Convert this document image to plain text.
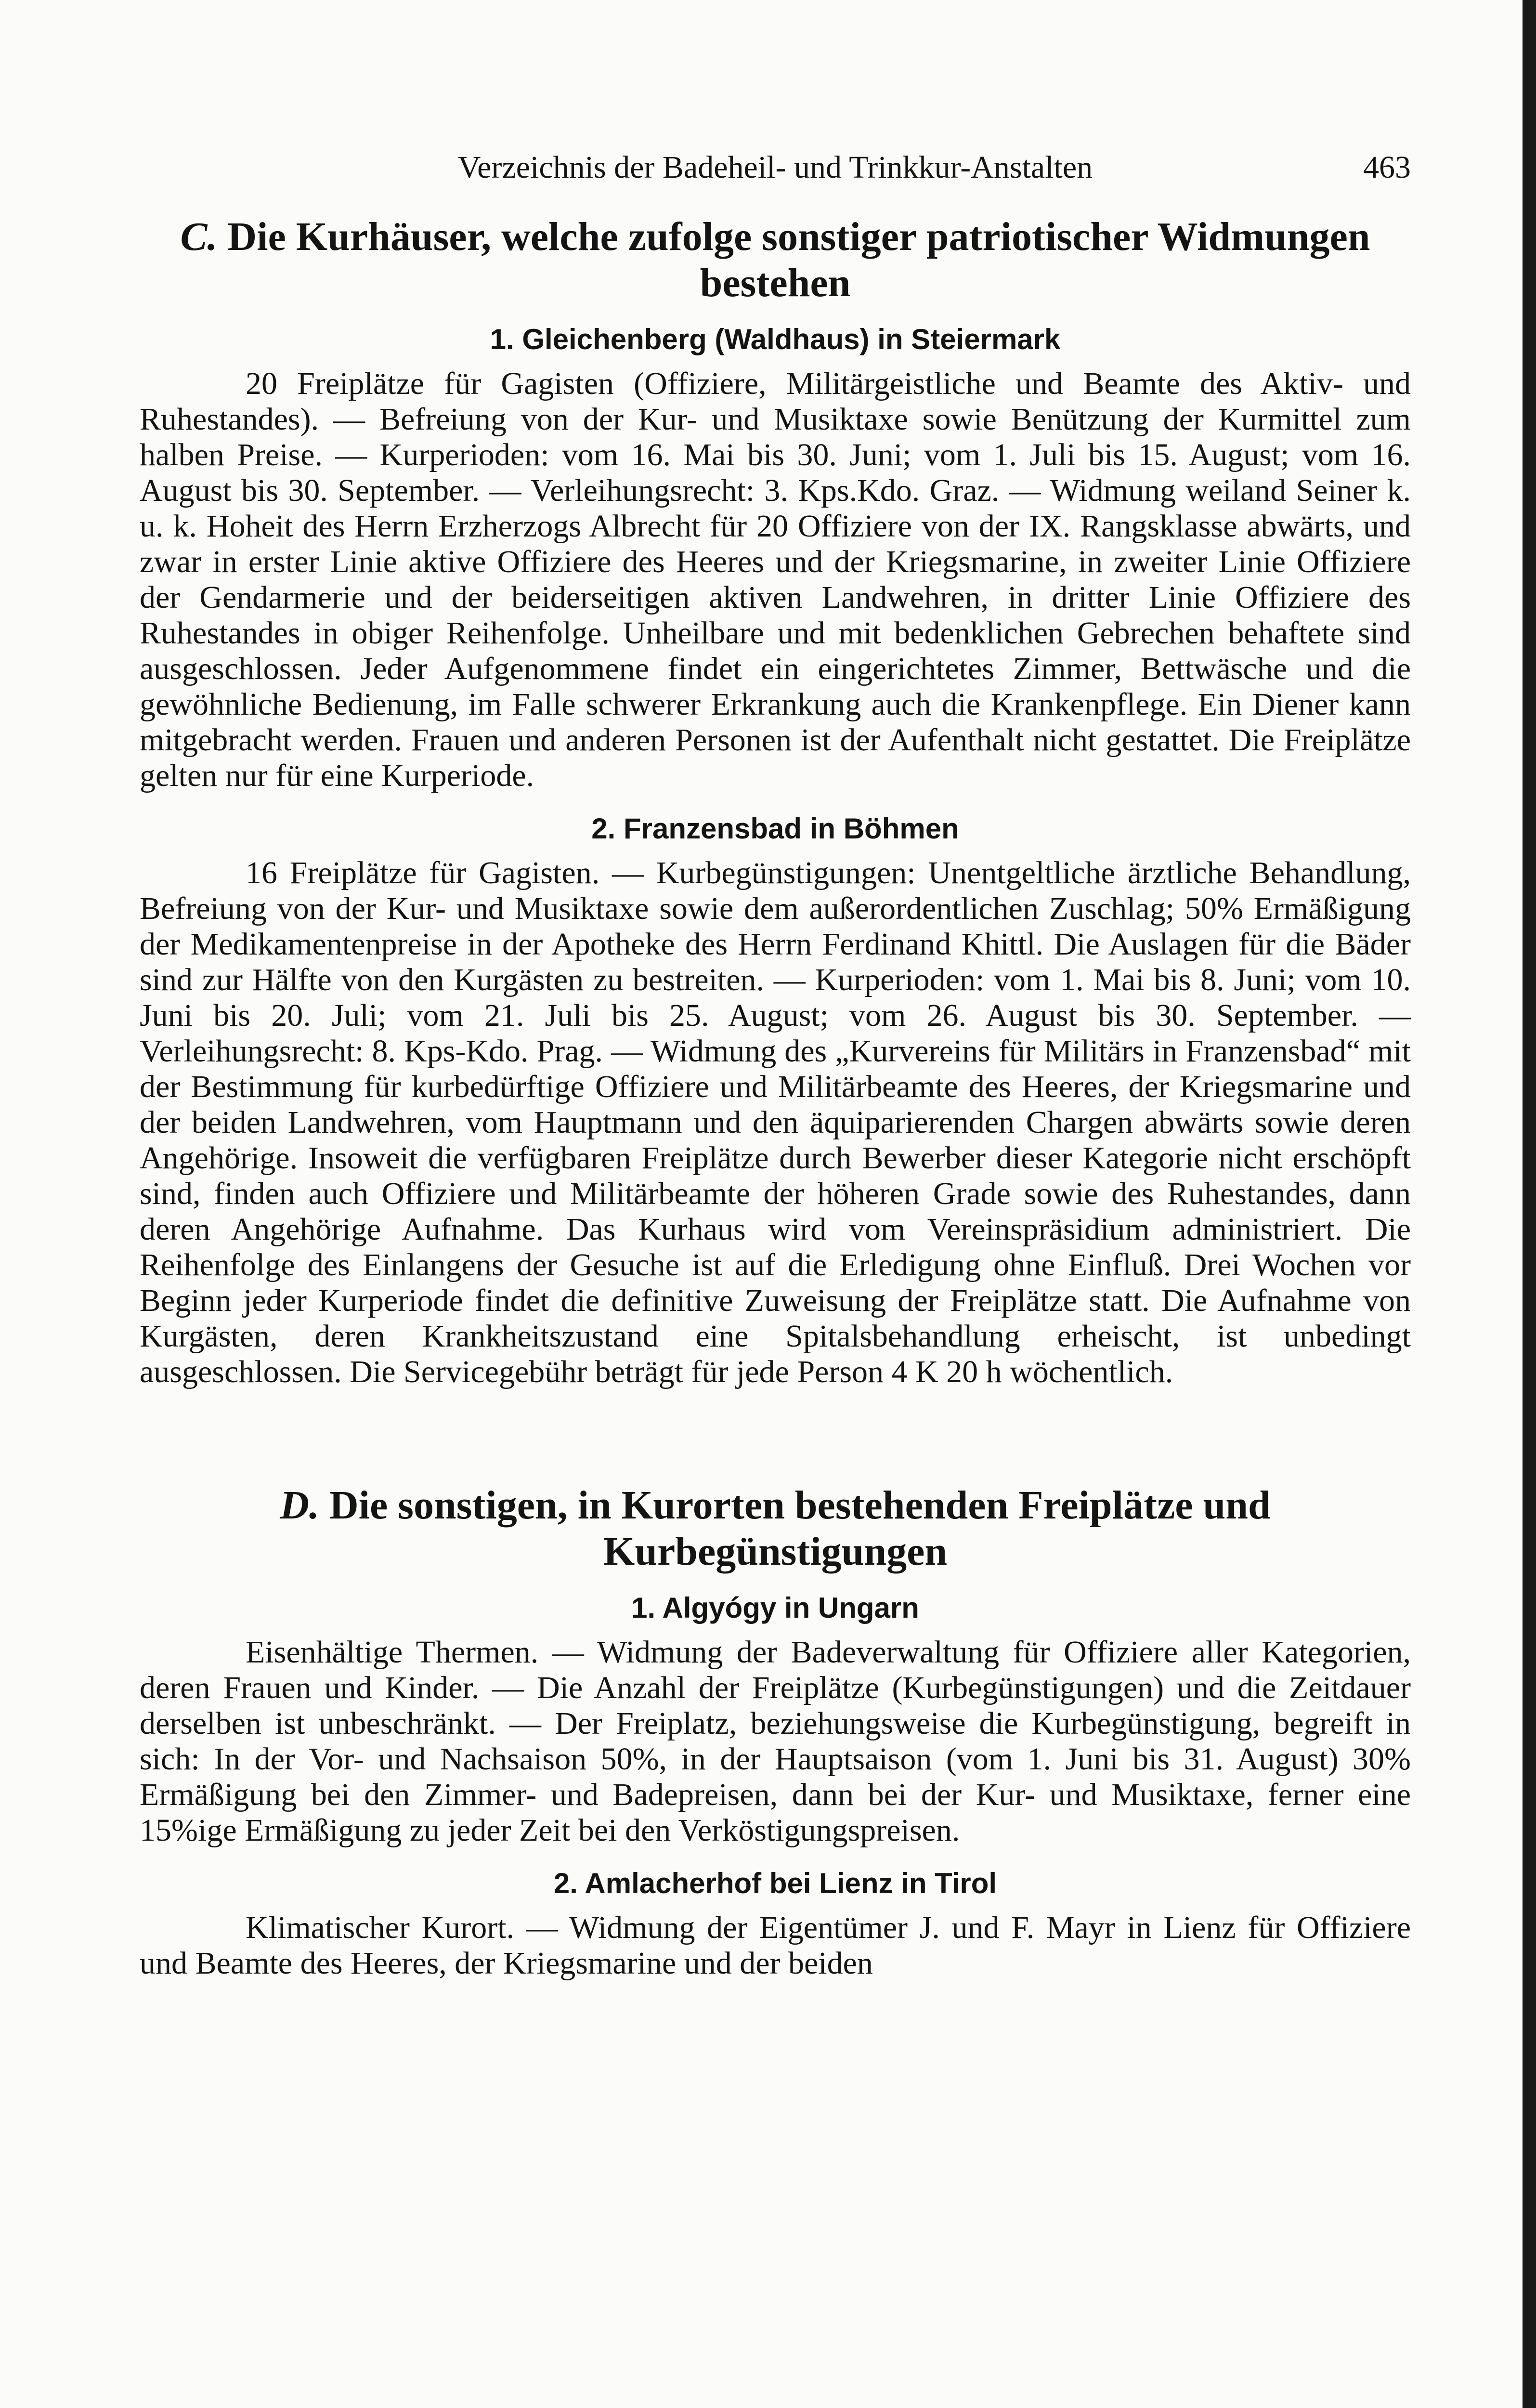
Verzeichnis der Badeheil- und Trinkkur-Anstalten	463
C. Die Kurhäuser, welche zufolge sonstiger patriotischer Widmungen bestehen
1. Gleichenberg (Waldhaus) in Steiermark

20 Freiplätze für Gagisten (Offiziere, Militärgeistliche und Beamte des Aktiv- und Ruhestandes). — Befreiung von der Kur- und Musiktaxe sowie Benützung der Kurmittel zum halben Preise. — Kurperioden: vom 16. Mai bis 30. Juni; vom 1. Juli bis 15. August; vom 16. August bis 30. September. — Verleihungsrecht: 3. Kps.Kdo. Graz. — Widmung weiland Seiner k. u. k. Hoheit des Herrn Erzherzogs Albrecht für 20 Offiziere von der IX. Rangsklasse abwärts, und zwar in erster Linie aktive Offiziere des Heeres und der Kriegsmarine, in zweiter Linie Offiziere der Gendarmerie und der beiderseitigen aktiven Landwehren, in dritter Linie Offiziere des Ruhestandes in obiger Reihenfolge. Unheilbare und mit bedenklichen Gebrechen behaftete sind ausgeschlossen. Jeder Aufgenommene findet ein eingerichtetes Zimmer, Bettwäsche und die gewöhnliche Bedienung, im Falle schwerer Erkrankung auch die Krankenpflege. Ein Diener kann mitgebracht werden. Frauen und anderen Personen ist der Aufenthalt nicht gestattet. Die Freiplätze gelten nur für eine Kurperiode.

2. Franzensbad in Böhmen

16 Freiplätze für Gagisten. — Kurbegünstigungen: Unentgeltliche ärztliche Behandlung, Befreiung von der Kur- und Musiktaxe sowie dem außerordentlichen Zuschlag; 50% Ermäßigung der Medikamentenpreise in der Apotheke des Herrn Ferdinand Khittl. Die Auslagen für die Bäder sind zur Hälfte von den Kurgästen zu bestreiten. — Kurperioden: vom 1. Mai bis 8. Juni; vom 10. Juni bis 20. Juli; vom 21. Juli bis 25. August; vom 26. August bis 30. September. — Verleihungsrecht: 8. Kps-Kdo. Prag. — Widmung des „Kurvereins für Militärs in Franzensbad“ mit der Bestimmung für kurbedürftige Offiziere und Militärbeamte des Heeres, der Kriegsmarine und der beiden Landwehren, vom Hauptmann und den äquiparierenden Chargen abwärts sowie deren Angehörige. Insoweit die verfügbaren Freiplätze durch Bewerber dieser Kategorie nicht erschöpft sind, finden auch Offiziere und Militärbeamte der höheren Grade sowie des Ruhestandes, dann deren Angehörige Aufnahme. Das Kurhaus wird vom Vereinspräsidium administriert. Die Reihenfolge des Einlangens der Gesuche ist auf die Erledigung ohne Einfluß. Drei Wochen vor Beginn jeder Kurperiode findet die definitive Zuweisung der Freiplätze statt. Die Aufnahme von Kurgästen, deren Krankheitszustand eine Spitalsbehandlung erheischt, ist unbedingt ausgeschlossen. Die Servicegebühr beträgt für jede Person 4 K 20 h wöchentlich.

D. Die sonstigen, in Kurorten bestehenden Freiplätze und Kurbegünstigungen
1. Algyógy in Ungarn

Eisenhältige Thermen. — Widmung der Badeverwaltung für Offiziere aller Kategorien, deren Frauen und Kinder. — Die Anzahl der Freiplätze (Kurbegünstigungen) und die Zeitdauer derselben ist unbeschränkt. — Der Freiplatz, beziehungsweise die Kurbegünstigung, begreift in sich: In der Vor- und Nachsaison 50%, in der Hauptsaison (vom 1. Juni bis 31. August) 30% Ermäßigung bei den Zimmer- und Badepreisen, dann bei der Kur- und Musiktaxe, ferner eine 15%ige Ermäßigung zu jeder Zeit bei den Verköstigungspreisen.

2. Amlacherhof bei Lienz in Tirol

Klimatischer Kurort. — Widmung der Eigentümer J. und F. Mayr in Lienz für Offiziere und Beamte des Heeres, der Kriegsmarine und der beiden
